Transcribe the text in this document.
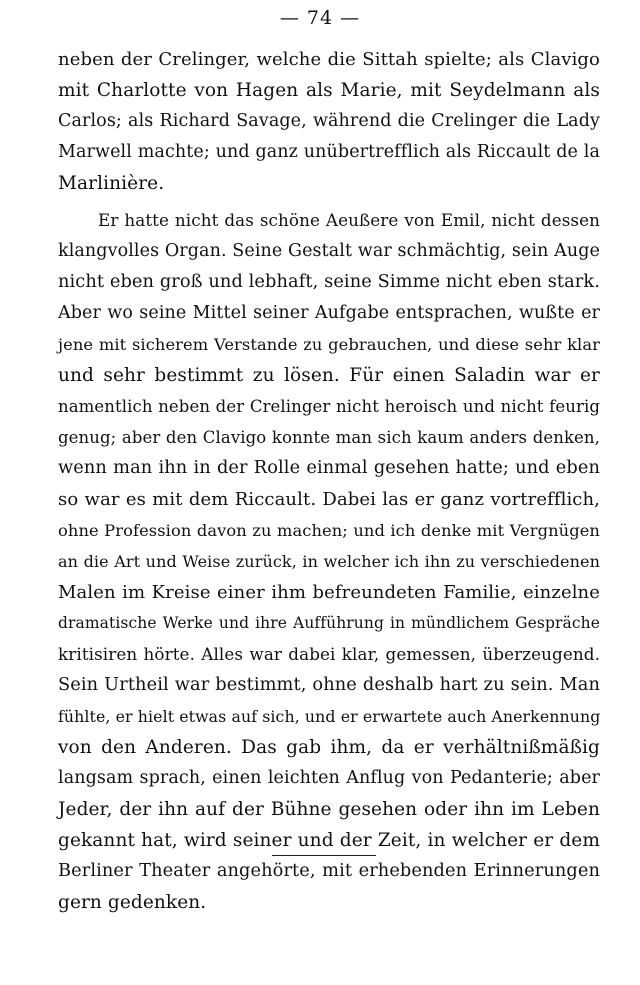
— 74 —
neben der Crelinger, welche die Sittah spielte; als Clavigo
mit Charlotte von Hagen als Marie, mit Seydelmann als
Carlos; als Richard Savage, während die Crelinger die Lady
Marwell machte; und ganz unübertrefflich als Riccault de la
Marlinière.
Er hatte nicht das schöne Aeußere von Emil, nicht dessen
klangvolles Organ. Seine Gestalt war schmächtig, sein Auge
nicht eben groß und lebhaft, seine Simme nicht eben stark.
Aber wo seine Mittel seiner Aufgabe entsprachen, wußte er
jene mit sicherem Verstande zu gebrauchen, und diese sehr klar
und sehr bestimmt zu lösen. Für einen Saladin war er
namentlich neben der Crelinger nicht heroisch und nicht feurig
genug; aber den Clavigo konnte man sich kaum anders denken,
wenn man ihn in der Rolle einmal gesehen hatte; und eben
so war es mit dem Riccault. Dabei las er ganz vortrefflich,
ohne Profession davon zu machen; und ich denke mit Vergnügen
an die Art und Weise zurück, in welcher ich ihn zu verschiedenen
Malen im Kreise einer ihm befreundeten Familie, einzelne
dramatische Werke und ihre Aufführung in mündlichem Gespräche
kritisiren hörte. Alles war dabei klar, gemessen, überzeugend.
Sein Urtheil war bestimmt, ohne deshalb hart zu sein. Man
fühlte, er hielt etwas auf sich, und er erwartete auch Anerkennung
von den Anderen. Das gab ihm, da er verhältnißmäßig
langsam sprach, einen leichten Anflug von Pedanterie; aber
Jeder, der ihn auf der Bühne gesehen oder ihn im Leben
gekannt hat, wird seiner und der Zeit, in welcher er dem
Berliner Theater angehörte, mit erhebenden Erinnerungen
gern gedenken.
